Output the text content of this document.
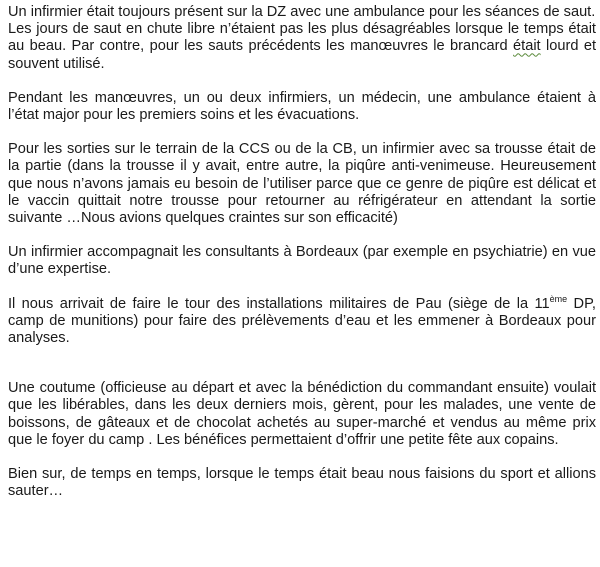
Un infirmier était toujours présent sur la DZ avec une ambulance pour les séances de saut.

Les jours de saut en chute libre n’étaient pas les plus désagréables lorsque le temps était au beau. Par contre, pour les sauts précédents les manœuvres le brancard était lourd et souvent utilisé.

Pendant les manœuvres, un ou deux infirmiers, un médecin, une ambulance étaient à l’état major pour les premiers soins et les évacuations.

Pour les sorties sur le terrain de la CCS ou de la CB, un infirmier avec sa trousse était de la partie (dans la trousse il y avait, entre autre, la piqûre anti-venimeuse. Heureusement que nous n’avons jamais eu besoin de l’utiliser parce que ce genre de piqûre est délicat et le vaccin quittait notre trousse pour retourner au réfrigérateur en attendant la sortie suivante …Nous avions quelques craintes sur son efficacité)

Un infirmier accompagnait les consultants à Bordeaux (par exemple en psychiatrie) en vue d’une expertise.

Il nous arrivait de faire le tour des installations militaires de Pau (siège de la 11ème DP, camp de munitions) pour faire des prélèvements d’eau et les emmener à Bordeaux pour analyses.

Une coutume (officieuse au départ et avec la bénédiction du commandant ensuite) voulait que les libérables, dans les deux derniers mois, gèrent, pour les malades, une vente de boissons, de gâteaux et de chocolat achetés au super-marché et vendus au même prix que le foyer du camp . Les bénéfices permettaient d’offrir une petite fête aux copains.

Bien sur, de temps en temps, lorsque le temps était beau nous faisions du sport et allions sauter…
